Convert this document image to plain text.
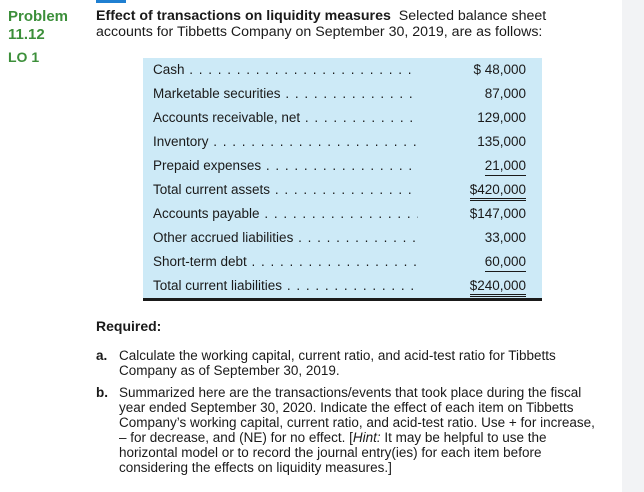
Problem
11.12
LO 1
Effect of transactions on liquidity measures Selected balance sheet accounts for Tibbetts Company on September 30, 2019, are as follows:
Cash . . .	$ 48,000
Marketable securities . . .	87,000
Accounts receivable, net . . .	129,000
Inventory . . .	135,000
Prepaid expenses . . .	21,000
Total current assets . . .	$420,000
Accounts payable . . .	$147,000
Other accrued liabilities . . .	33,000
Short-term debt . . .	60,000
Total current liabilities . . .	$240,000
Required:
a. Calculate the working capital, current ratio, and acid-test ratio for Tibbetts Company as of September 30, 2019.
b. Summarized here are the transactions/events that took place during the fiscal year ended September 30, 2020. Indicate the effect of each item on Tibbetts Company’s working capital, current ratio, and acid-test ratio. Use + for increase, – for decrease, and (NE) for no effect. [Hint: It may be helpful to use the horizontal model or to record the journal entry(ies) for each item before considering the effects on liquidity measures.]
